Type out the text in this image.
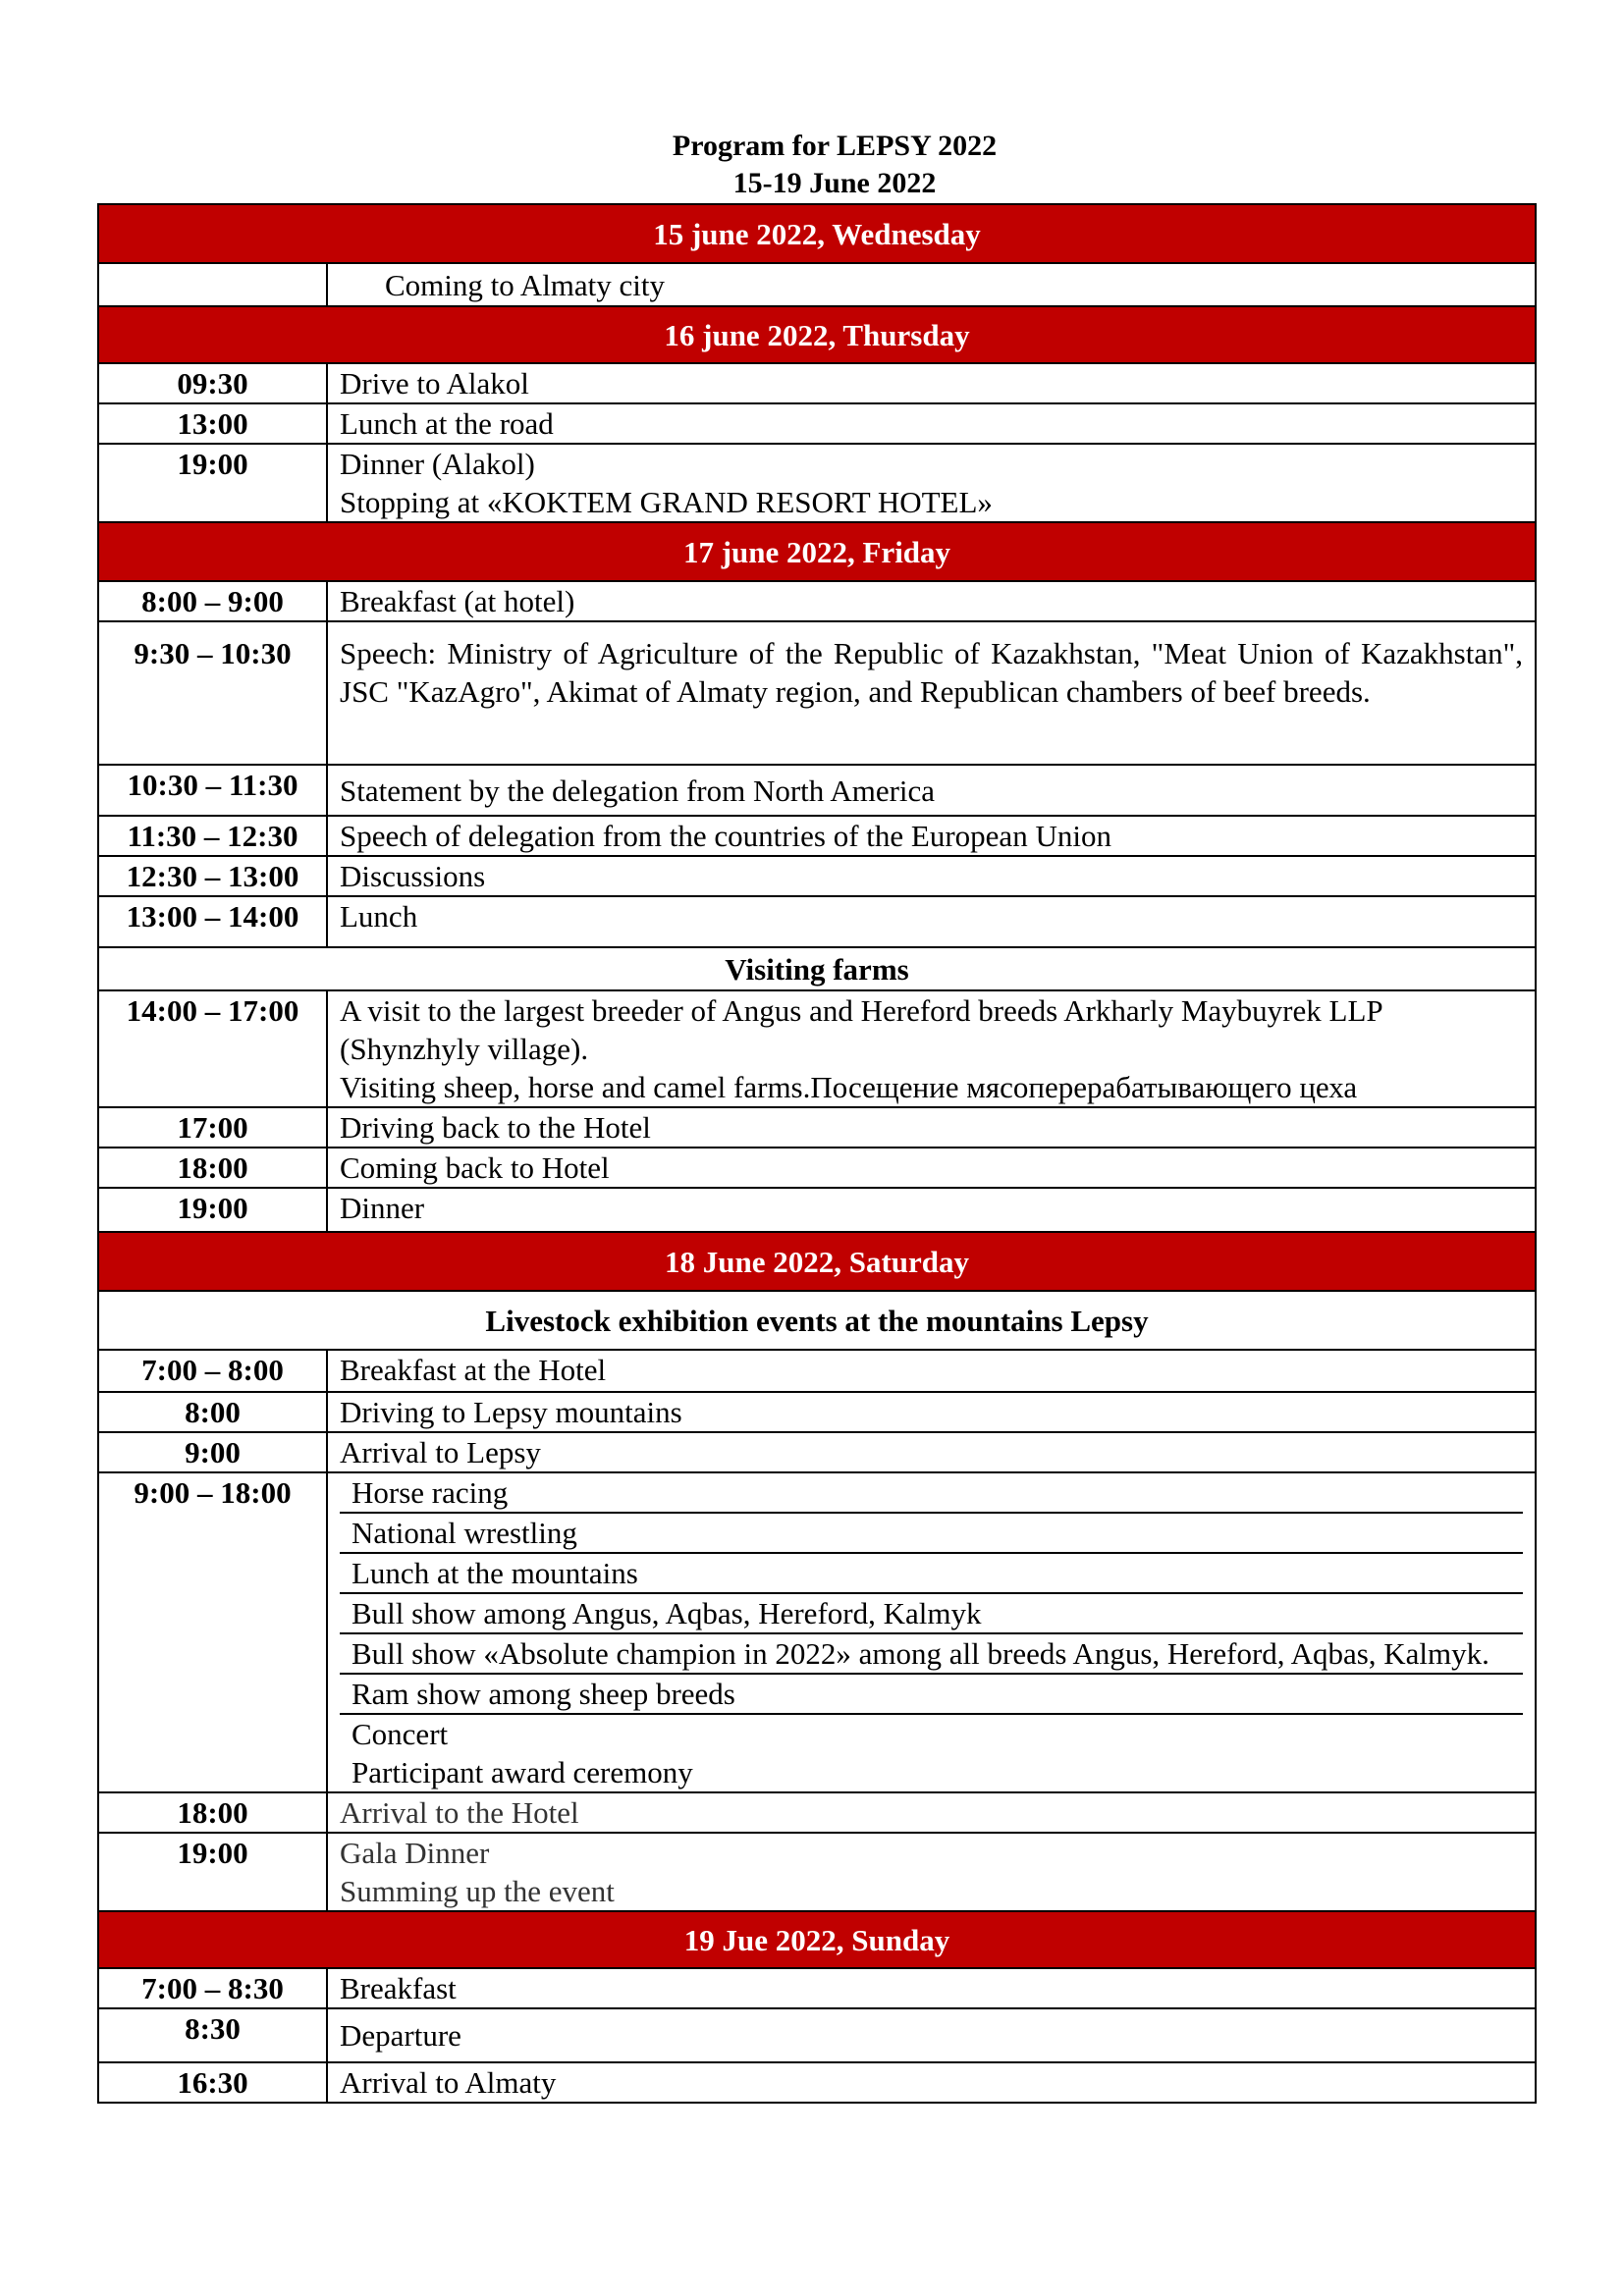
Program for LEPSY 2022
15-19 June 2022
15 june 2022, Wednesday
	Coming to Almaty city
16 june 2022, Thursday
09:30	Drive to Alakol
13:00	Lunch at the road
19:00	Dinner (Alakol)
Stopping at «KOKTEM GRAND RESORT HOTEL»

17 june 2022, Friday
8:00 – 9:00	Breakfast (at hotel)
9:30 – 10:30	Speech: Ministry of Agriculture of the Republic of Kazakhstan, "Meat Union of Kazakhstan", JSC "KazAgro", Akimat of Almaty region, and Republican chambers of beef breeds.
10:30 – 11:30	Statement by the delegation from North America
11:30 – 12:30	Speech of delegation from the countries of the European Union
12:30 – 13:00	Discussions
13:00 – 14:00	Lunch
Visiting farms
14:00 – 17:00	A visit to the largest breeder of Angus and Hereford breeds Arkharly Maybuyrek LLP (Shynzhyly village).
Visiting sheep, horse and camel farms.Посещение мясоперерабатывающего цеха

17:00	Driving back to the Hotel
18:00	Coming back to Hotel
19:00	Dinner
18 June 2022, Saturday
Livestock exhibition events at the mountains Lepsy
7:00 – 8:00	Breakfast at the Hotel
8:00	Driving to Lepsy mountains
9:00	Arrival to Lepsy
9:00 – 18:00	Horse racing
National wrestling
Lunch at the mountains
Bull show among Angus, Aqbas, Hereford, Kalmyk
Bull show «Absolute champion in 2022» among all breeds Angus, Hereford, Aqbas, Kalmyk.
Ram show among sheep breeds

Concert
Participant award ceremony

18:00	Arrival to the Hotel
19:00	Gala Dinner
Summing up the event

19 Jue 2022, Sunday
7:00 – 8:30	Breakfast
8:30	Departure
16:30	Arrival to Almaty
